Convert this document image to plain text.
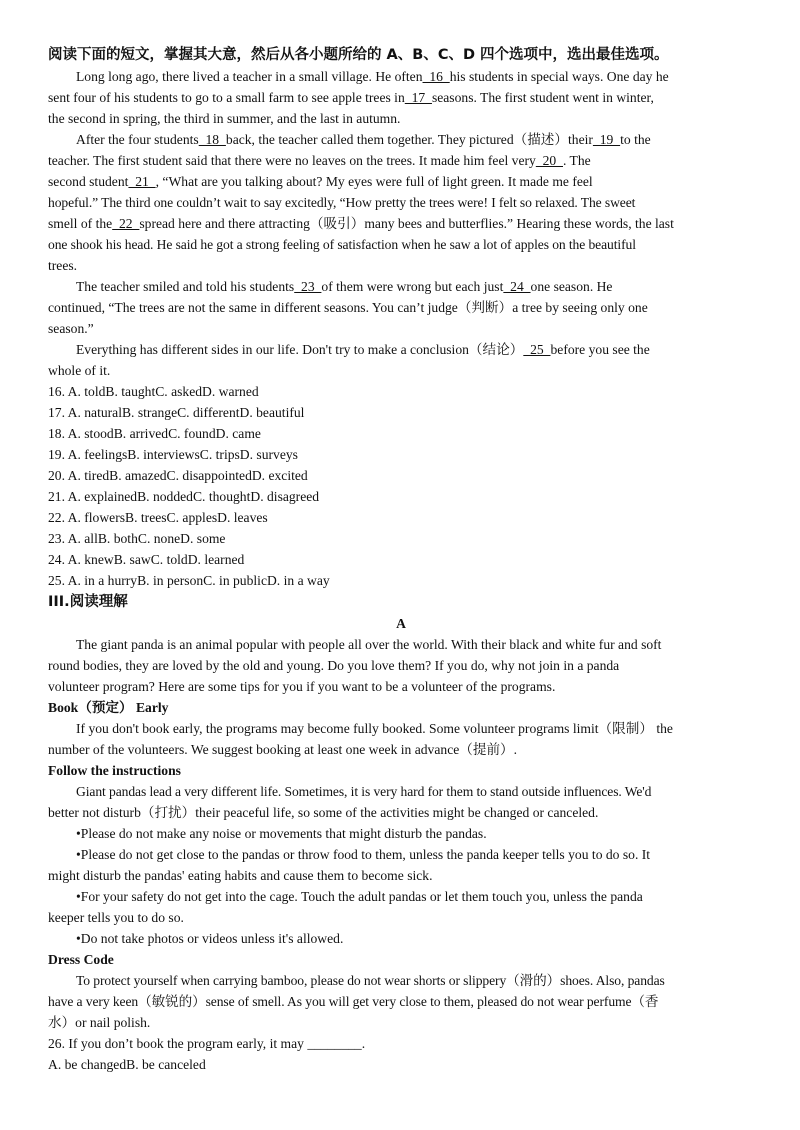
阅读下面的短文，掌握其大意，然后从各小题所给的 A、B、C、D 四个选项中，选出最佳选项。
Long long ago, there lived a teacher in a small village. He often  16  his students in special ways. One day he
sent four of his students to go to a small farm to see apple trees in  17  seasons. The first student went in winter,
the second in spring, the third in summer, and the last in autumn.
After the four students  18  back, the teacher called them together. They pictured（描述）their  19  to the
teacher. The first student said that there were no leaves on the trees. It made him feel very  20  . The
second student  21  , “What are you talking about? My eyes were full of light green. It made me feel
hopeful.” The third one couldn’t wait to say excitedly, “How pretty the trees were! I felt so relaxed. The sweet
smell of the  22  spread here and there attracting（吸引）many bees and butterflies.” Hearing these words, the last
one shook his head. He said he got a strong feeling of satisfaction when he saw a lot of apples on the beautiful
trees.
The teacher smiled and told his students  23  of them were wrong but each just  24  one season. He
continued, “The trees are not the same in different seasons. You can’t judge（判断）a tree by seeing only one
season.”
Everything has different sides in our life. Don't try to make a conclusion（结论）  25  before you see the
whole of it.
16. A. toldB. taughtC. askedD. warned
17. A. naturalB. strangeC. differentD. beautiful
18. A. stoodB. arrivedC. foundD. came
19. A. feelingsB. interviewsC. tripsD. surveys
20. A. tiredB. amazedC. disappointedD. excited
21. A. explainedB. noddedC. thoughtD. disagreed
22. A. flowersB. treesC. applesD. leaves
23. A. allB. bothC. noneD. some
24. A. knewB. sawC. toldD. learned
25. A. in a hurryB. in personC. in publicD. in a way
III.阅读理解
A
The giant panda is an animal popular with people all over the world. With their black and white fur and soft
round bodies, they are loved by the old and young. Do you love them? If you do, why not join in a panda
volunteer program? Here are some tips for you if you want to be a volunteer of the programs.
Book（预定） Early
If you don't book early, the programs may become fully booked. Some volunteer programs limit（限制） the
number of the volunteers. We suggest booking at least one week in advance（提前）.
Follow the instructions
Giant pandas lead a very different life. Sometimes, it is very hard for them to stand outside influences. We'd
better not disturb（打扰）their peaceful life, so some of the activities might be changed or canceled.
•Please do not make any noise or movements that might disturb the pandas.
•Please do not get close to the pandas or throw food to them, unless the panda keeper tells you to do so. It
might disturb the pandas' eating habits and cause them to become sick.
•For your safety do not get into the cage. Touch the adult pandas or let them touch you, unless the panda
keeper tells you to do so.
•Do not take photos or videos unless it's allowed.
Dress Code
To protect yourself when carrying bamboo, please do not wear shorts or slippery（滑的）shoes. Also, pandas
have a very keen（敏锐的）sense of smell. As you will get very close to them, pleased do not wear perfume（香
水）or nail polish.
26. If you don’t book the program early, it may ________.
A. be changedB. be canceled
